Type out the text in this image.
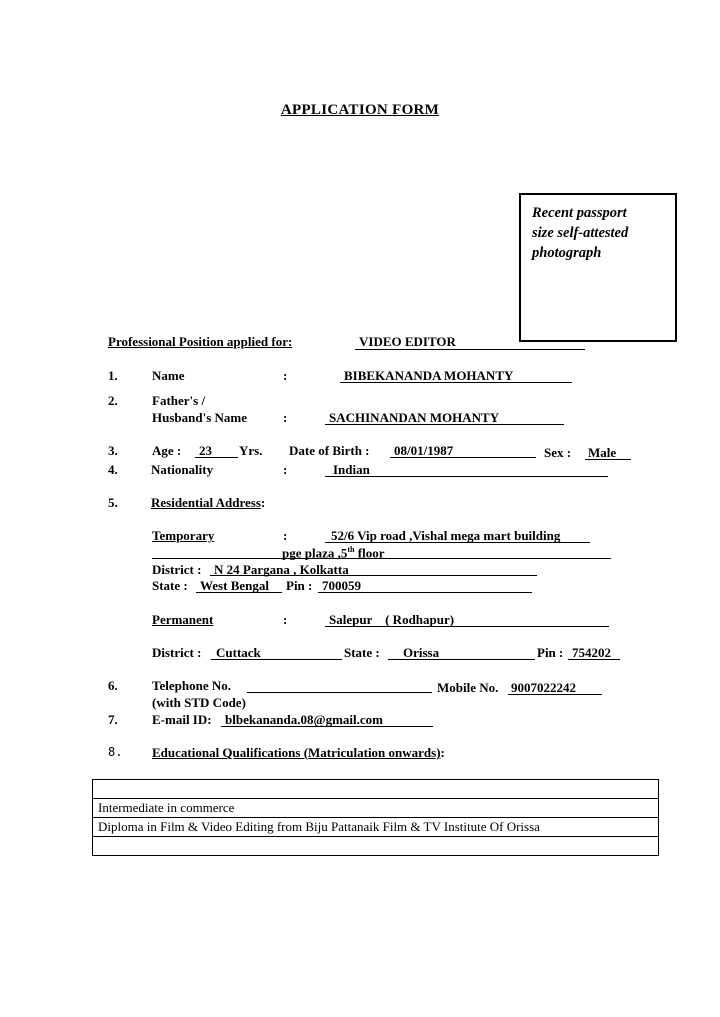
APPLICATION FORM
Recent passport
size self-attested
photograph
Professional Position applied for:	VIDEO EDITOR
1.	Name	:	BIBEKANANDA MOHANTY
2.	Father's /
Husband's Name	:	SACHINANDAN MOHANTY
3.	Age : 23 Yrs. Date of Birth : 08/01/1987	Sex : Male
4.	Nationality	:	Indian
5.	Residential Address:
Temporary	:	52/6 Vip road ,Vishal mega mart building
pge plaza ,5th floor
District : N 24 Pargana , Kolkatta
State : West Bengal Pin : 700059
Permanent	:	Salepur    ( Rodhapur)
District : Cuttack	State : Orissa	Pin : 754202
6.	Telephone No.
(with STD Code)
Mobile No. 9007022242
7.	E-mail ID: blbekananda.08@gmail.com
8. Educational Qualifications (Matriculation onwards):

Intermediate in commerce
Diploma in Film & Video Editing from Biju Pattanaik Film & TV Institute Of Orissa
